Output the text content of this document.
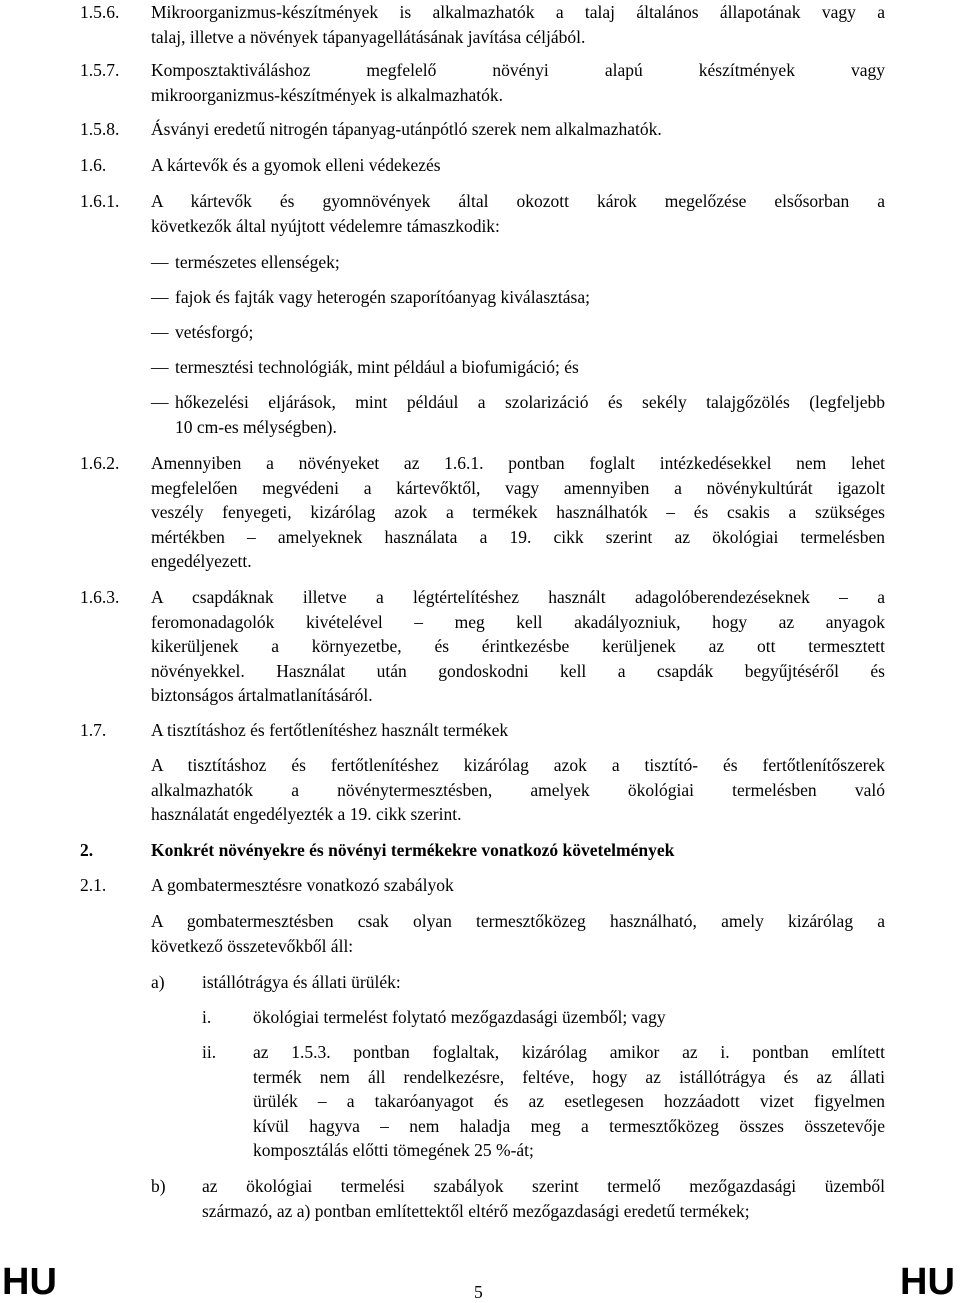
1.5.6. Mikroorganizmus-készítmények is alkalmazhatók a talaj általános állapotának vagy a
talaj, illetve a növények tápanyagellátásának javítása céljából.
1.5.7. Komposztaktiváláshoz megfelelő növényi alapú készítmények vagy
mikroorganizmus-készítmények is alkalmazhatók.
1.5.8. Ásványi eredetű nitrogén tápanyag-utánpótló szerek nem alkalmazhatók.
1.6.	A kártevők és a gyomok elleni védekezés
1.6.1. A kártevők és gyomnövények által okozott károk megelőzése elsősorban a
következők által nyújtott védelemre támaszkodik:
— természetes ellenségek;
— fajok és fajták vagy heterogén szaporítóanyag kiválasztása;
— vetésforgó;
— termesztési technológiák, mint például a biofumigáció; és
— hőkezelési eljárások, mint például a szolarizáció és sekély talajgőzölés (legfeljebb
10 cm-es mélységben).
1.6.2. Amennyiben a növényeket az 1.6.1. pontban foglalt intézkedésekkel nem lehet
megfelelően megvédeni a kártevőktől, vagy amennyiben a növénykultúrát igazolt
veszély fenyegeti, kizárólag azok a termékek használhatók – és csakis a szükséges
mértékben – amelyeknek használata a 19. cikk szerint az ökológiai termelésben
engedélyezett.
1.6.3. A csapdáknak illetve a légtértelítéshez használt adagolóberendezéseknek – a
feromonadagolók kivételével – meg kell akadályozniuk, hogy az anyagok
kikerüljenek a környezetbe, és érintkezésbe kerüljenek az ott termesztett
növényekkel. Használat után gondoskodni kell a csapdák begyűjtéséről és
biztonságos ártalmatlanításáról.
1.7.	A tisztításhoz és fertőtlenítéshez használt termékek
A tisztításhoz és fertőtlenítéshez kizárólag azok a tisztító- és fertőtlenítőszerek
alkalmazhatók a növénytermesztésben, amelyek ökológiai termelésben való
használatát engedélyezték a 19. cikk szerint.
2.	Konkrét növényekre és növényi termékekre vonatkozó követelmények
2.1.	A gombatermesztésre vonatkozó szabályok
A gombatermesztésben csak olyan termesztőközeg használható, amely kizárólag a
következő összetevőkből áll:
a) istállótrágya és állati ürülék:
i. ökológiai termelést folytató mezőgazdasági üzemből; vagy
ii. az 1.5.3. pontban foglaltak, kizárólag amikor az i. pontban említett
termék nem áll rendelkezésre, feltéve, hogy az istállótrágya és az állati
ürülék – a takaróanyagot és az esetlegesen hozzáadott vizet figyelmen
kívül hagyva – nem haladja meg a termesztőközeg összes összetevője
komposztálás előtti tömegének 25 %-át;
b) az ökológiai termelési szabályok szerint termelő mezőgazdasági üzemből
származó, az a) pontban említettektől eltérő mezőgazdasági eredetű termékek;
HU	5	HU
